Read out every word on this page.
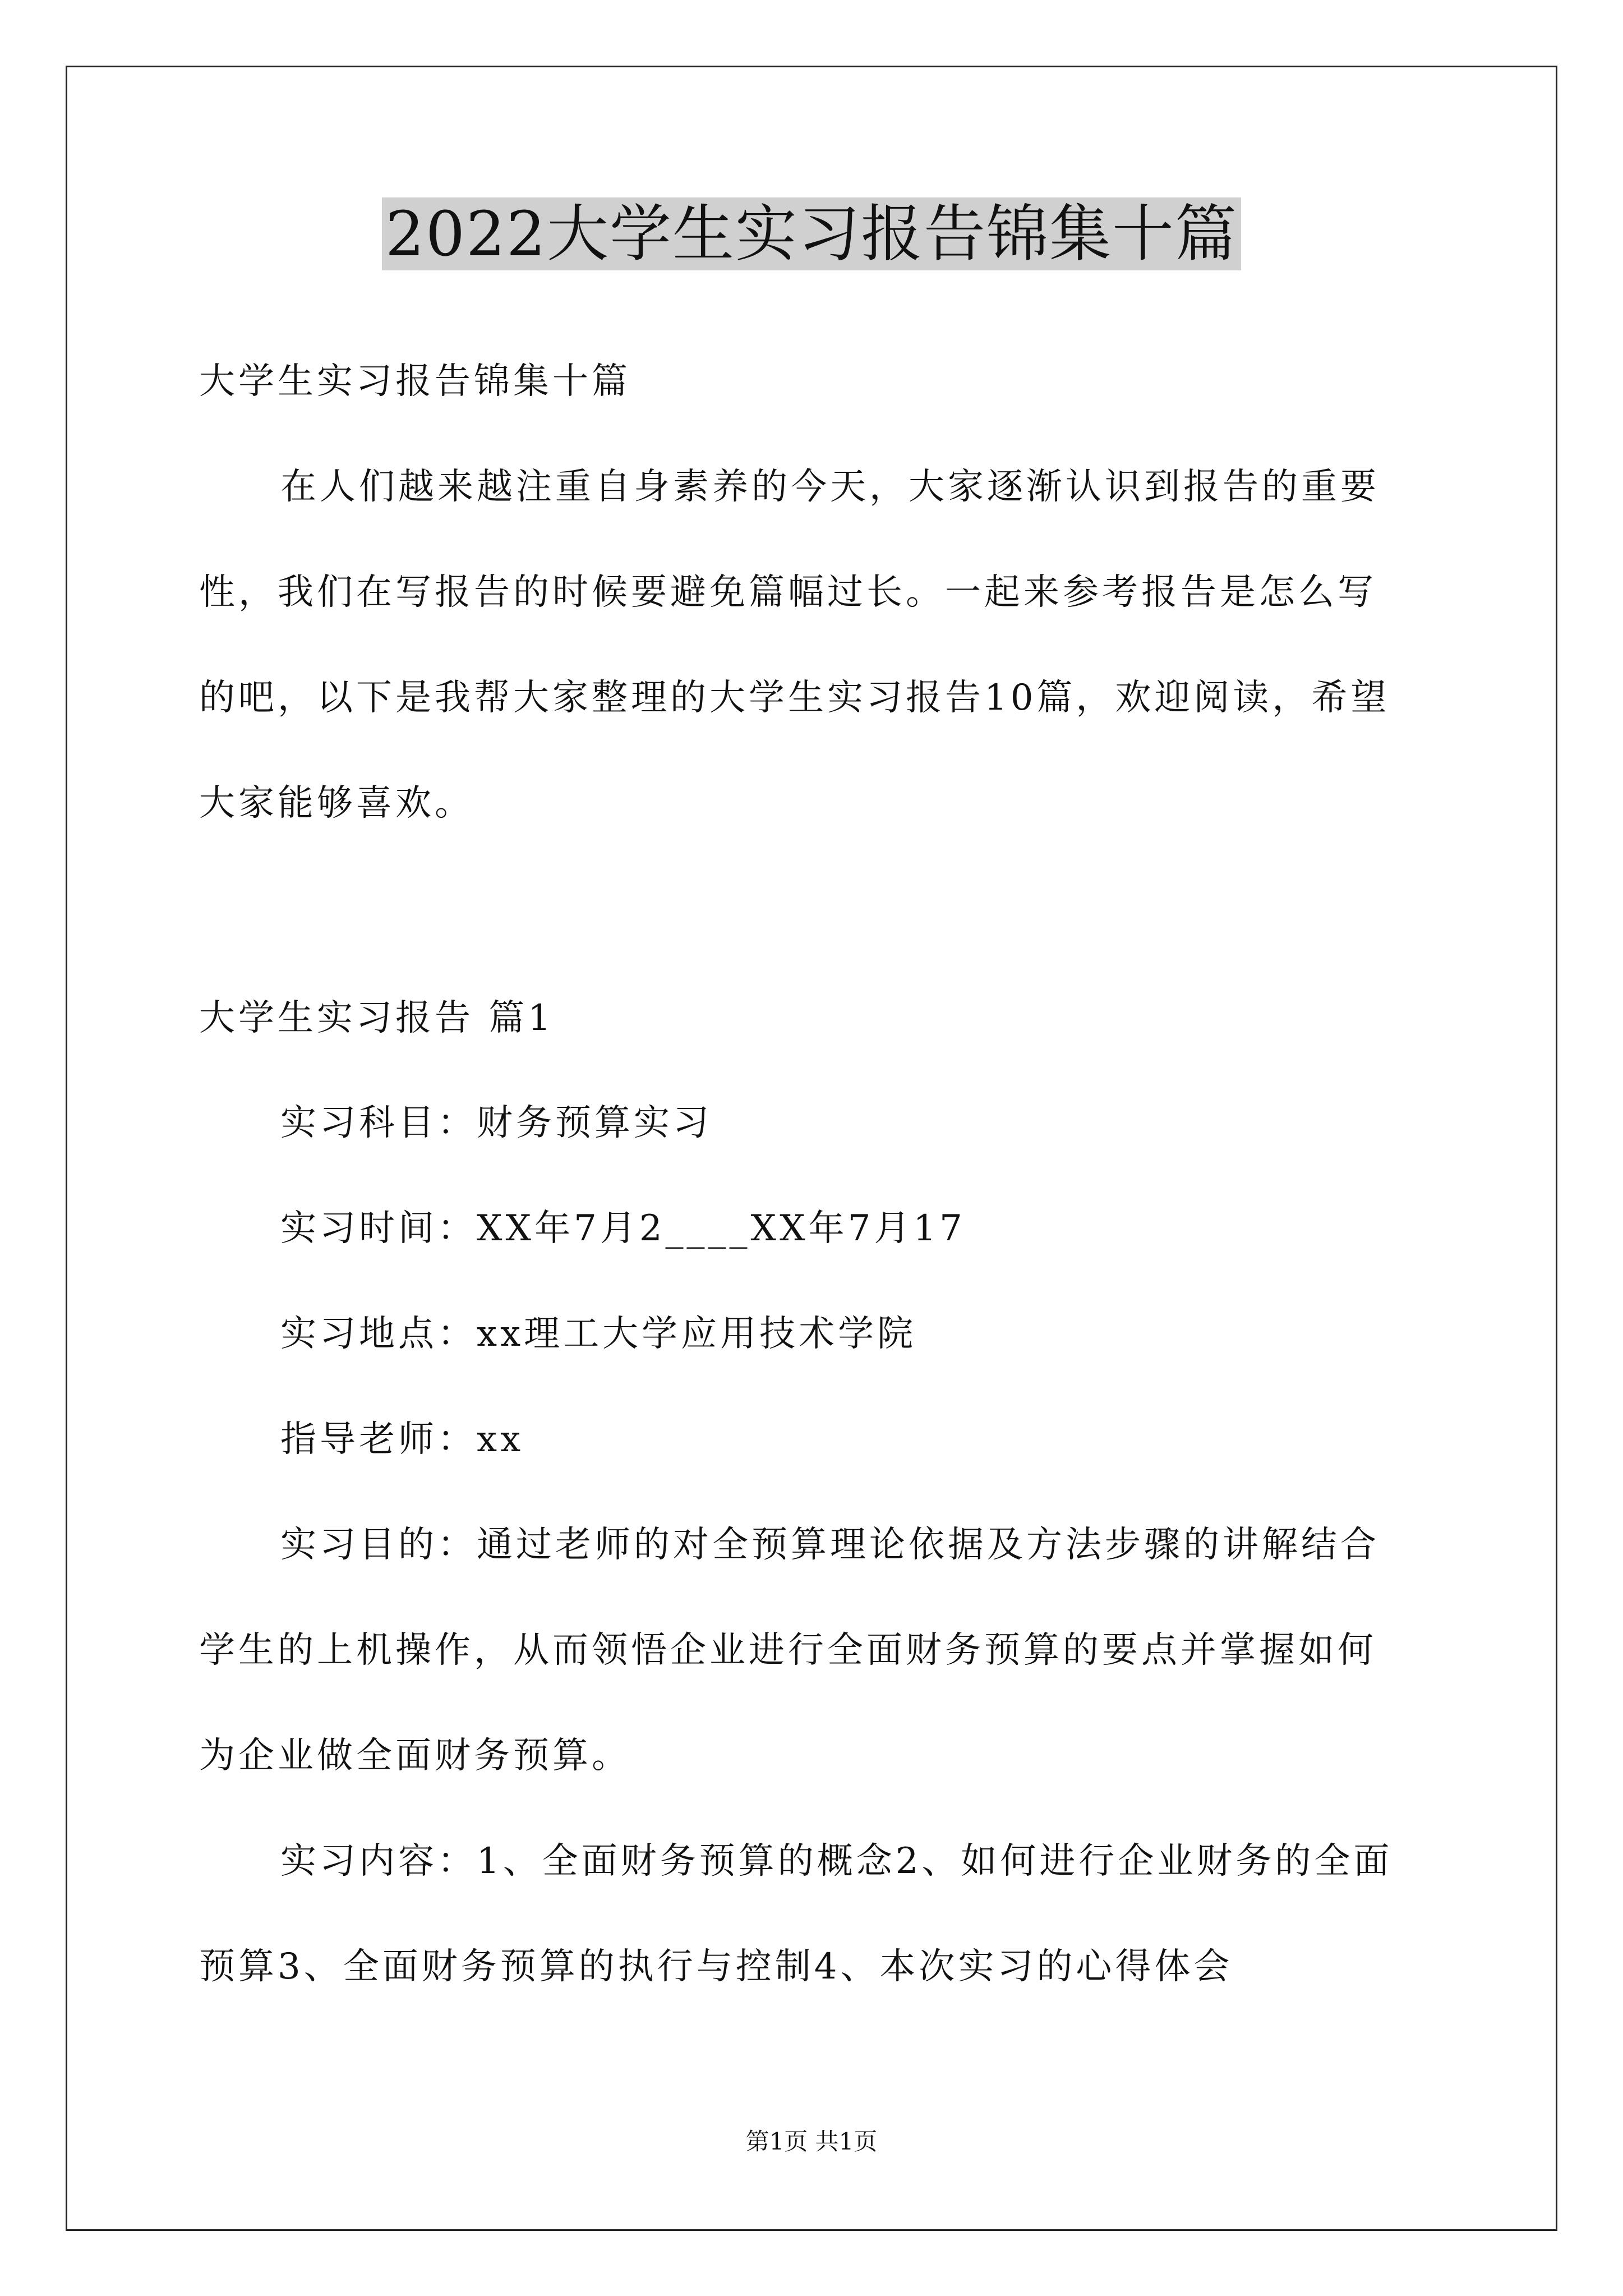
2022大学生实习报告锦集十篇
大学生实习报告锦集十篇
在人们越来越注重自身素养的今天，大家逐渐认识到报告的重要
性，我们在写报告的时候要避免篇幅过长。一起来参考报告是怎么写
的吧，以下是我帮大家整理的大学生实习报告10篇，欢迎阅读，希望
大家能够喜欢。
大学生实习报告 篇1
实习科目：财务预算实习
实习时间：XX年7月2____XX年7月17
实习地点：xx理工大学应用技术学院
指导老师：xx
实习目的：通过老师的对全预算理论依据及方法步骤的讲解结合
学生的上机操作，从而领悟企业进行全面财务预算的要点并掌握如何
为企业做全面财务预算。
实习内容：1、全面财务预算的概念2、如何进行企业财务的全面
预算3、全面财务预算的执行与控制4、本次实习的心得体会
第1页 共1页
